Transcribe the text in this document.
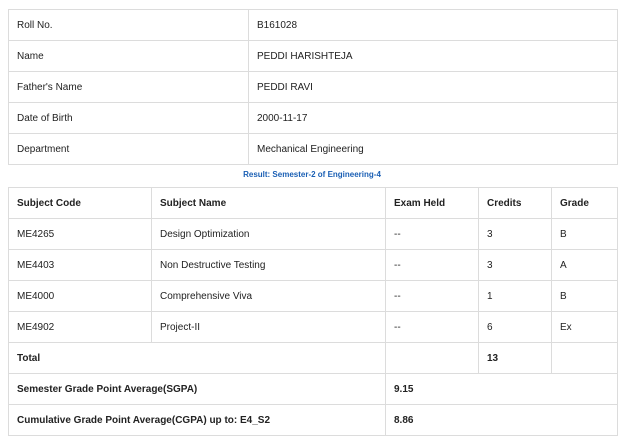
Roll No.	B161028
Name	PEDDI HARISHTEJA
Father's Name	PEDDI RAVI
Date of Birth	2000-11-17
Department	Mechanical Engineering
Result: Semester-2 of Engineering-4
Subject Code	Subject Name	Exam Held	Credits	Grade
ME4265	Design Optimization	--	3	B
ME4403	Non Destructive Testing	--	3	A
ME4000	Comprehensive Viva	--	1	B
ME4902	Project-II	--	6	Ex
Total			13	
Semester Grade Point Average(SGPA)		9.15		
Cumulative Grade Point Average(CGPA) up to: E4_S2		8.86		
